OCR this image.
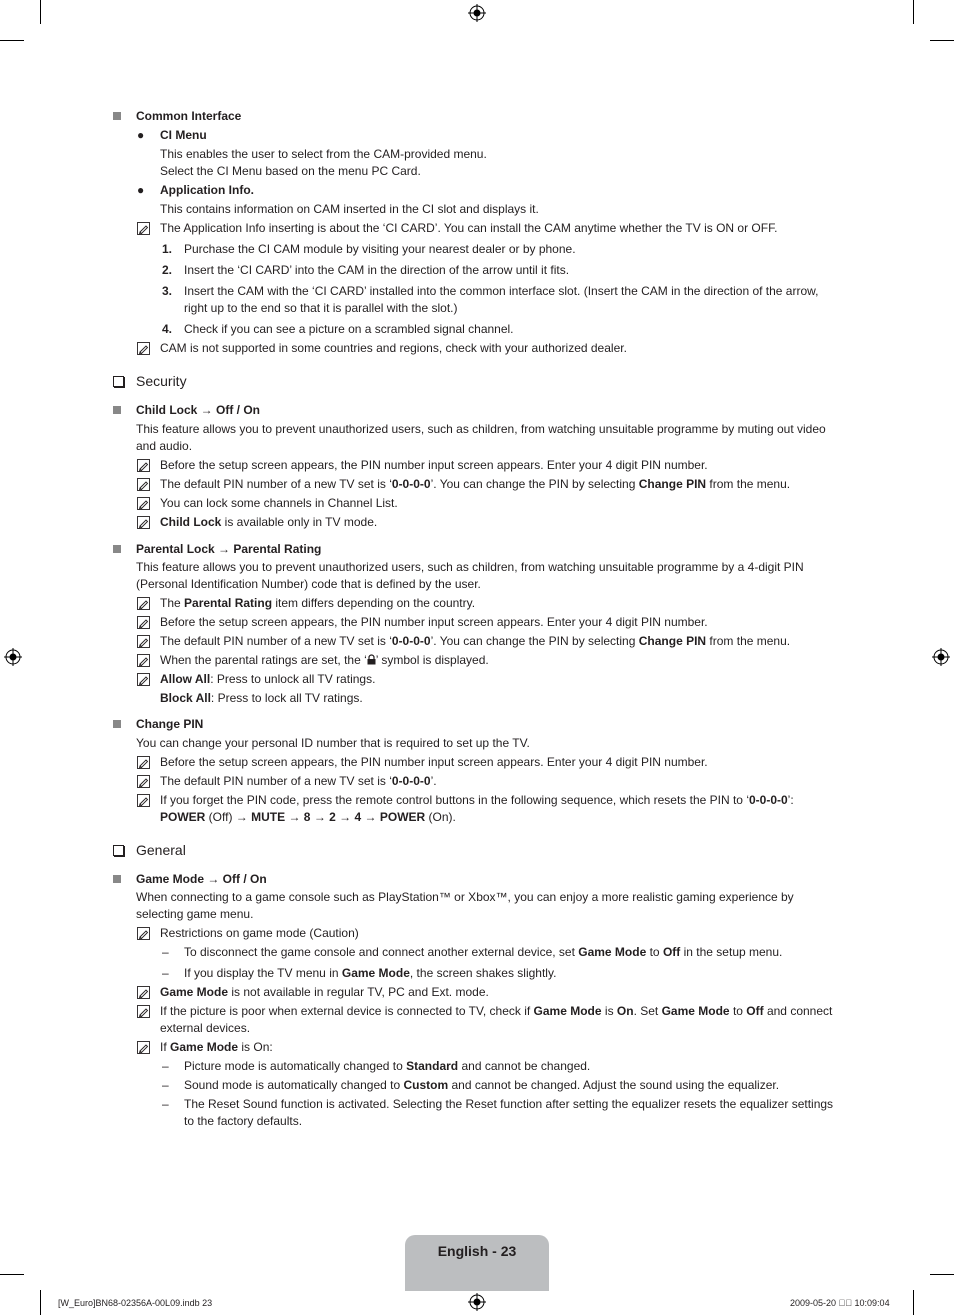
Common Interface
● CI Menu
This enables the user to select from the CAM-provided menu.
Select the CI Menu based on the menu PC Card.
● Application Info.
This contains information on CAM inserted in the CI slot and displays it.
The Application Info inserting is about the ‘CI CARD’. You can install the CAM anytime whether the TV is ON or OFF.
1. Purchase the CI CAM module by visiting your nearest dealer or by phone.
2. Insert the ‘CI CARD’ into the CAM in the direction of the arrow until it fits.
3. Insert the CAM with the ‘CI CARD’ installed into the common interface slot. (Insert the CAM in the direction of the arrow, right up to the end so that it is parallel with the slot.)
4. Check if you can see a picture on a scrambled signal channel.
CAM is not supported in some countries and regions, check with your authorized dealer.
Security
Child Lock → Off / On
This feature allows you to prevent unauthorized users, such as children, from watching unsuitable programme by muting out video and audio.
Before the setup screen appears, the PIN number input screen appears. Enter your 4 digit PIN number.
The default PIN number of a new TV set is ‘0-0-0-0’. You can change the PIN by selecting Change PIN from the menu.
You can lock some channels in Channel List.
Child Lock is available only in TV mode.
Parental Lock → Parental Rating
This feature allows you to prevent unauthorized users, such as children, from watching unsuitable programme by a 4-digit PIN (Personal Identification Number) code that is defined by the user.
The Parental Rating item differs depending on the country.
Before the setup screen appears, the PIN number input screen appears. Enter your 4 digit PIN number.
The default PIN number of a new TV set is ‘0-0-0-0’. You can change the PIN by selecting Change PIN from the menu.
When the parental ratings are set, the ‘ ’ symbol is displayed.
Allow All: Press to unlock all TV ratings.
Block All: Press to lock all TV ratings.
Change PIN
You can change your personal ID number that is required to set up the TV.
Before the setup screen appears, the PIN number input screen appears. Enter your 4 digit PIN number.
The default PIN number of a new TV set is ‘0-0-0-0’.
If you forget the PIN code, press the remote control buttons in the following sequence, which resets the PIN to ‘0-0-0-0’:
POWER (Off) → MUTE → 8 → 2 → 4 → POWER (On).
General
Game Mode → Off / On
When connecting to a game console such as PlayStation™ or Xbox™, you can enjoy a more realistic gaming experience by selecting game menu.
Restrictions on game mode (Caution)
– To disconnect the game console and connect another external device, set Game Mode to Off in the setup menu.
– If you display the TV menu in Game Mode, the screen shakes slightly.
Game Mode is not available in regular TV, PC and Ext. mode.
If the picture is poor when external device is connected to TV, check if Game Mode is On. Set Game Mode to Off and connect external devices.
If Game Mode is On:
– Picture mode is automatically changed to Standard and cannot be changed.
– Sound mode is automatically changed to Custom and cannot be changed. Adjust the sound using the equalizer.
– The Reset Sound function is activated. Selecting the Reset function after setting the equalizer resets the equalizer settings to the factory defaults.
English - 23
[W_Euro]BN68-02356A-00L09.indb 23	2009-05-20 ￿￿ 10:09:04
